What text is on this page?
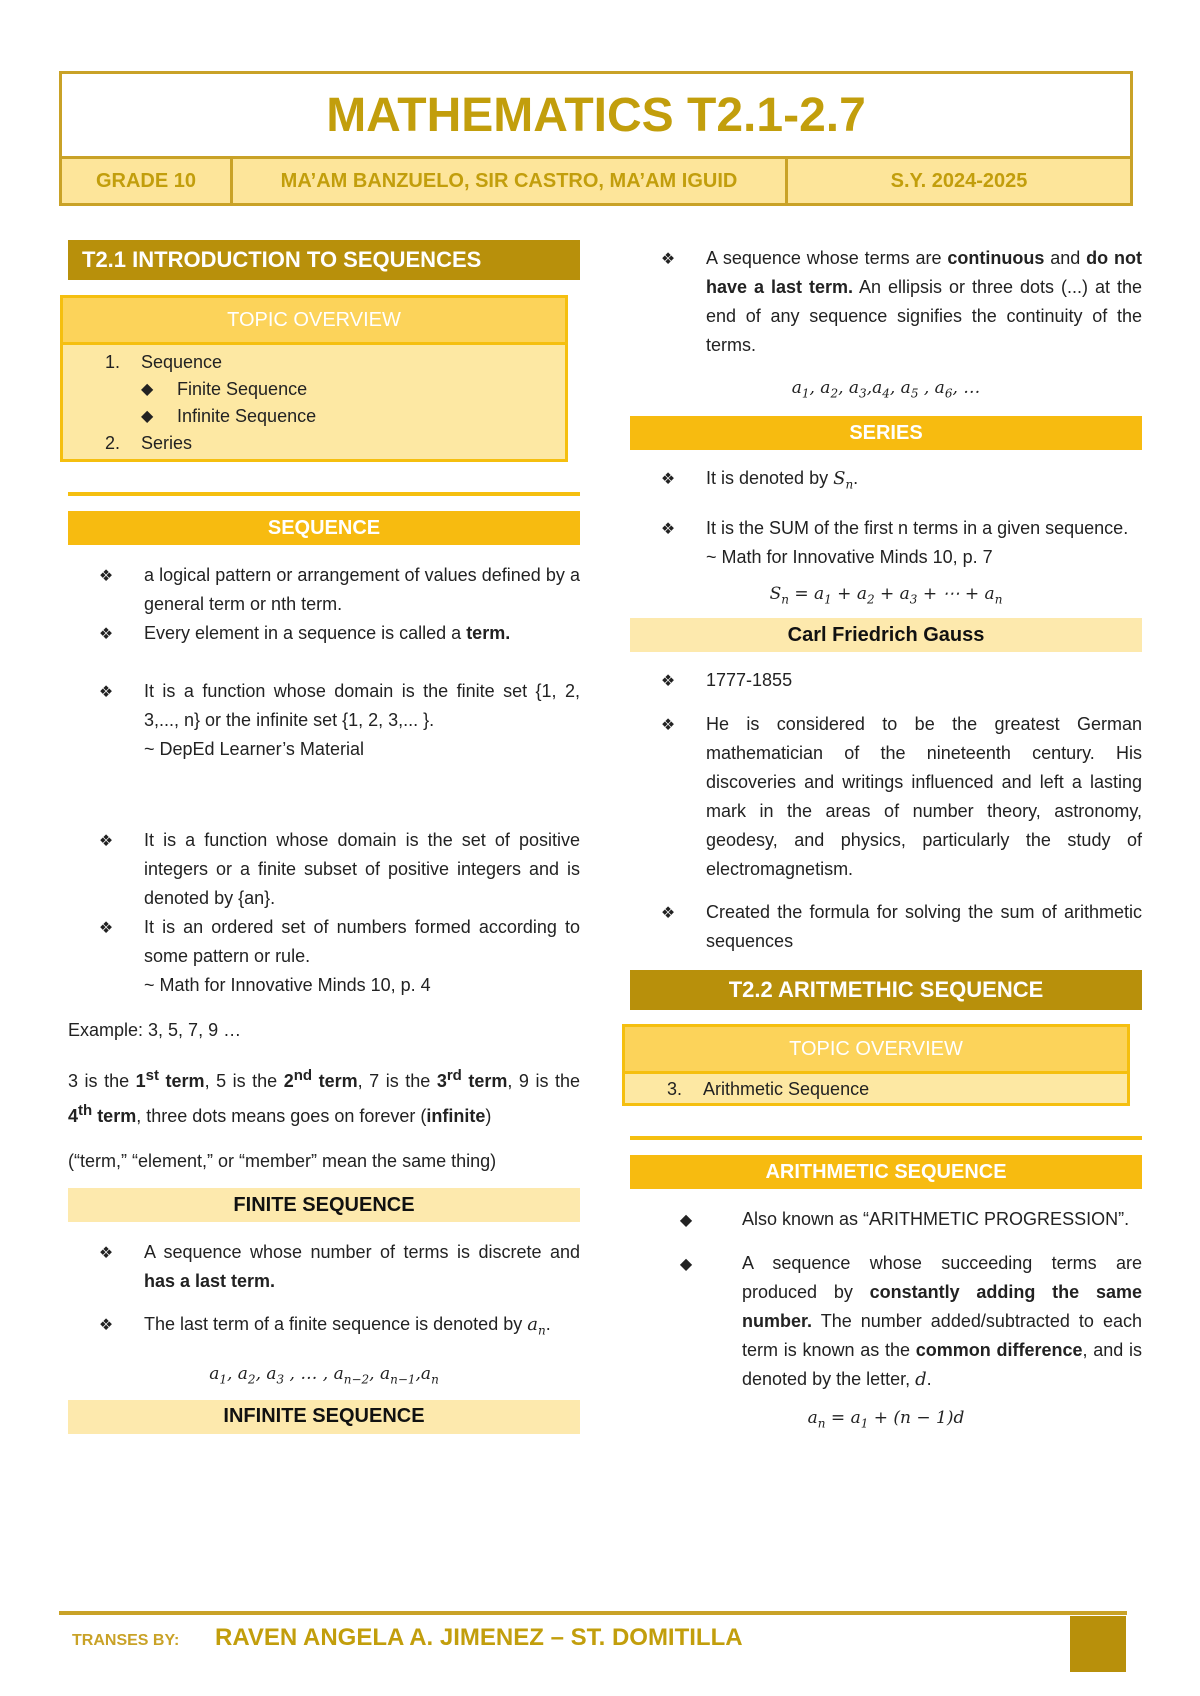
MATHEMATICS T2.1-2.7
GRADE 10	MA’AM BANZUELO, SIR CASTRO, MA’AM IGUID	S.Y. 2024-2025
T2.1 INTRODUCTION TO SEQUENCES
TOPIC OVERVIEW
1.	Sequence
◆	Finite Sequence
◆	Infinite Sequence
2.	Series
SEQUENCE
❖	a logical pattern or arrangement of values defined by a general term or nth term.
❖	Every element in a sequence is called a term.
❖	It is a function whose domain is the finite set {1, 2, 3,..., n} or the infinite set {1, 2, 3,... }.
~ DepEd Learner’s Material
❖	It is a function whose domain is the set of positive integers or a finite subset of positive integers and is denoted by {an}.
❖	It is an ordered set of numbers formed according to some pattern or rule.
~ Math for Innovative Minds 10, p. 4
Example: 3, 5, 7, 9 …
3 is the 1st term, 5 is the 2nd term, 7 is the 3rd term, 9 is the 4th term, three dots means goes on forever (infinite)
(“term,” “element,” or “member” mean the same thing)
FINITE SEQUENCE
❖	A sequence whose number of terms is discrete and has a last term.
❖	The last term of a finite sequence is denoted by $a_n$.
$a_1$, $a_2$, $a_3$ , … , $a_{n-2}$, $a_{n-1},a_n$
INFINITE SEQUENCE
❖	A sequence whose terms are continuous and do not have a last term. An ellipsis or three dots (...) at the end of any sequence signifies the continuity of the terms.
$a_1$, $a_2$, $a_3,a_4$, $a_5$ , $a_6$, …
SERIES
❖	It is denoted by $S_n$.
❖	It is the SUM of the first n terms in a given sequence.
~ Math for Innovative Minds 10, p. 7
$S_n = a_1 + a_2 + a_3$ + ⋯ + $a_n$
Carl Friedrich Gauss
❖	1777-1855
❖	He is considered to be the greatest German mathematician of the nineteenth century. His discoveries and writings influenced and left a lasting mark in the areas of number theory, astronomy, geodesy, and physics, particularly the study of electromagnetism.
❖	Created the formula for solving the sum of arithmetic sequences
T2.2 ARITMETHIC SEQUENCE
TOPIC OVERVIEW
3.	Arithmetic Sequence
ARITHMETIC SEQUENCE
◆	Also known as “ARITHMETIC PROGRESSION”.
◆	A sequence whose succeeding terms are produced by constantly adding the same number. The number added/subtracted to each term is known as the common difference, and is denoted by the letter, d.
$a_n = a_1 + (n - 1)d$
TRANSES BY: RAVEN ANGELA A. JIMENEZ – ST. DOMITILLA
